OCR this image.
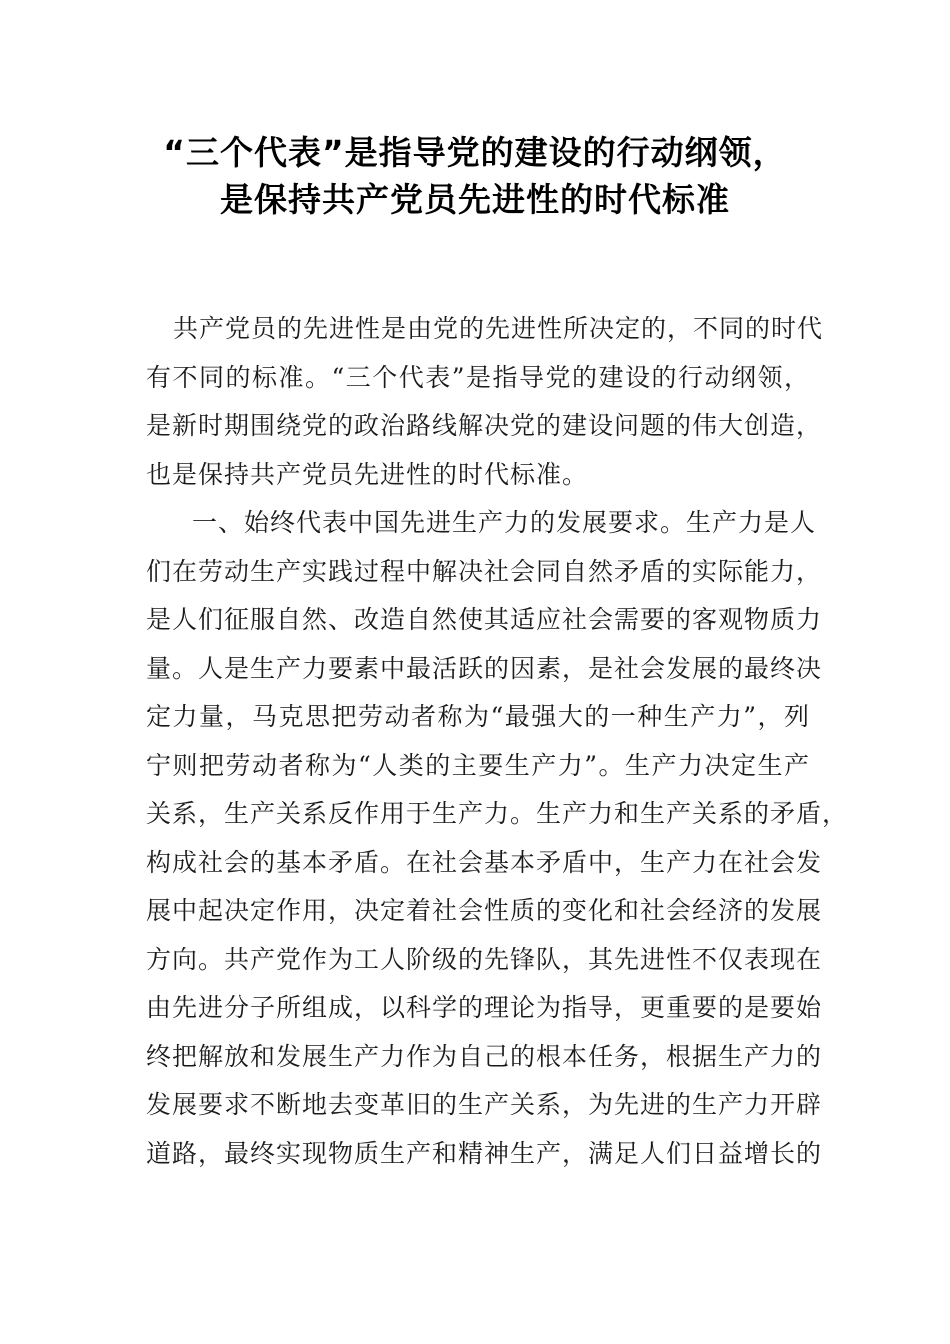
“三个代表”是指导党的建设的行动纲领，
是保持共产党员先进性的时代标准
共产党员的先进性是由党的先进性所决定的，不同的时代
有不同的标准。“三个代表”是指导党的建设的行动纲领，
是新时期围绕党的政治路线解决党的建设问题的伟大创造，
也是保持共产党员先进性的时代标准。
一、始终代表中国先进生产力的发展要求。生产力是人
们在劳动生产实践过程中解决社会同自然矛盾的实际能力，
是人们征服自然、改造自然使其适应社会需要的客观物质力
量。人是生产力要素中最活跃的因素，是社会发展的最终决
定力量，马克思把劳动者称为“最强大的一种生产力”，列
宁则把劳动者称为“人类的主要生产力”。生产力决定生产
关系，生产关系反作用于生产力。生产力和生产关系的矛盾，
构成社会的基本矛盾。在社会基本矛盾中，生产力在社会发
展中起决定作用，决定着社会性质的变化和社会经济的发展
方向。共产党作为工人阶级的先锋队，其先进性不仅表现在
由先进分子所组成，以科学的理论为指导，更重要的是要始
终把解放和发展生产力作为自己的根本任务，根据生产力的
发展要求不断地去变革旧的生产关系，为先进的生产力开辟
道路，最终实现物质生产和精神生产，满足人们日益增长的
